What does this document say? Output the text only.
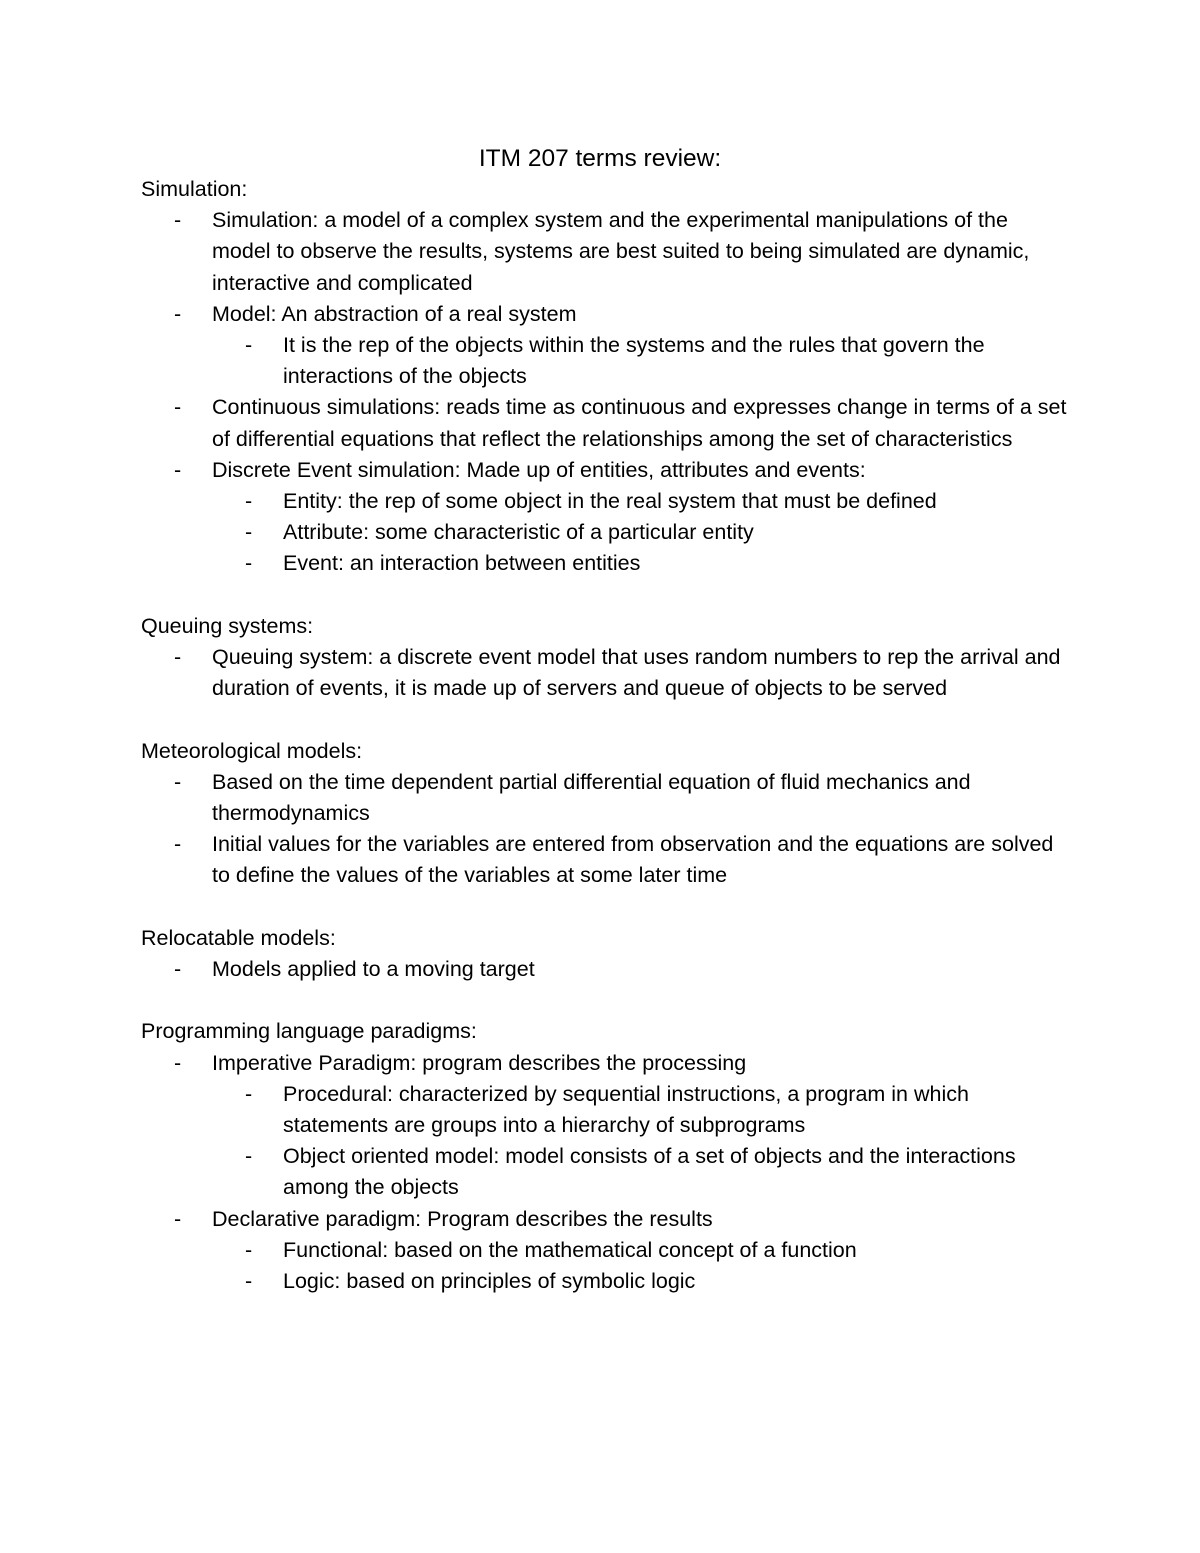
ITM 207 terms review:

Simulation:

- Simulation: a model of a complex system and the experimental manipulations of the model to observe the results, systems are best suited to being simulated are dynamic, interactive and complicated
- Model: An abstraction of a real system
- It is the rep of the objects within the systems and the rules that govern the interactions of the objects
- Continuous simulations: reads time as continuous and expresses change in terms of a set of differential equations that reflect the relationships among the set of characteristics
- Discrete Event simulation: Made up of entities, attributes and events:
- Entity: the rep of some object in the real system that must be defined
- Attribute: some characteristic of a particular entity
- Event: an interaction between entities

Queuing systems:

- Queuing system: a discrete event model that uses random numbers to rep the arrival and duration of events, it is made up of servers and queue of objects to be served

Meteorological models:

- Based on the time dependent partial differential equation of fluid mechanics and thermodynamics
- Initial values for the variables are entered from observation and the equations are solved to define the values of the variables at some later time

Relocatable models:

- Models applied to a moving target

Programming language paradigms:

- Imperative Paradigm: program describes the processing
- Procedural: characterized by sequential instructions, a program in which statements are groups into a hierarchy of subprograms
- Object oriented model: model consists of a set of objects and the interactions among the objects
- Declarative paradigm: Program describes the results
- Functional: based on the mathematical concept of a function
- Logic: based on principles of symbolic logic
